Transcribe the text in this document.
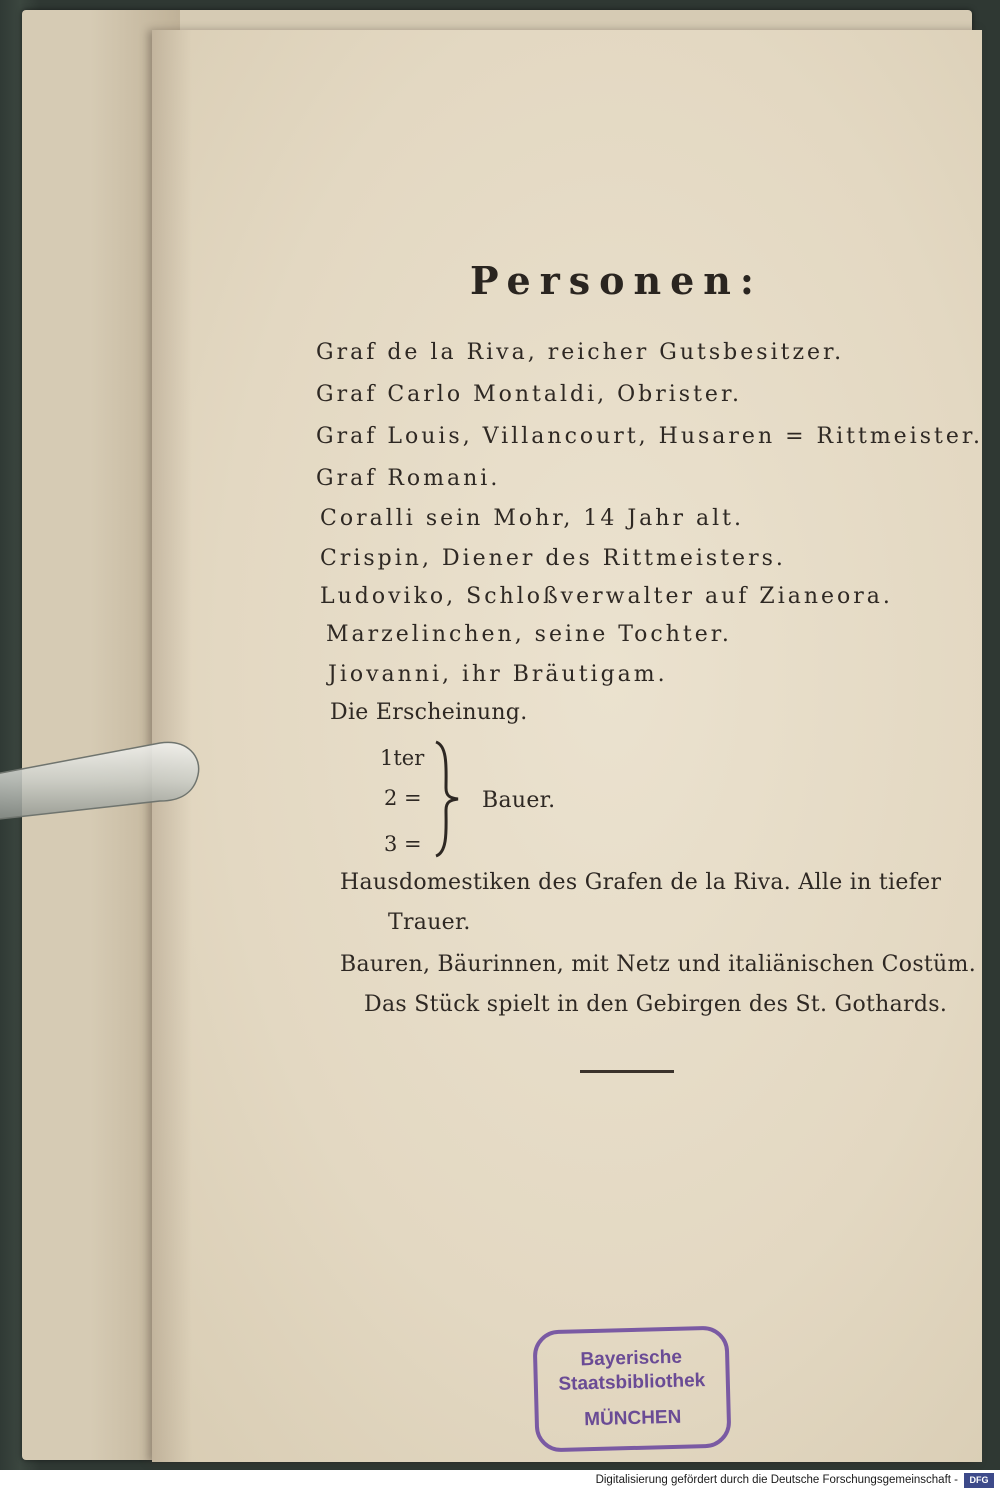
Personen:
Graf de la Riva, reicher Gutsbesitzer.
Graf Carlo Montaldi, Obrister.
Graf Louis, Villancourt, Husaren = Rittmeister.
Graf Romani.
Coralli sein Mohr, 14 Jahr alt.
Crispin, Diener des Rittmeisters.
Ludoviko, Schloßverwalter auf Zianeora.
Marzelinchen, seine Tochter.
Jiovanni, ihr Bräutigam.
Die Erscheinung.
1ter
2 =
3 =
Bauer.
Hausdomestiken des Grafen de la Riva. Alle in tiefer
Trauer.
Bauren, Bäurinnen, mit Netz und italiänischen Costüm.
Das Stück spielt in den Gebirgen des St. Gothards.
Bayerische
Staatsbibliothek
MÜNCHEN
Digitalisierung gefördert durch die Deutsche Forschungsgemeinschaft -	DFG
